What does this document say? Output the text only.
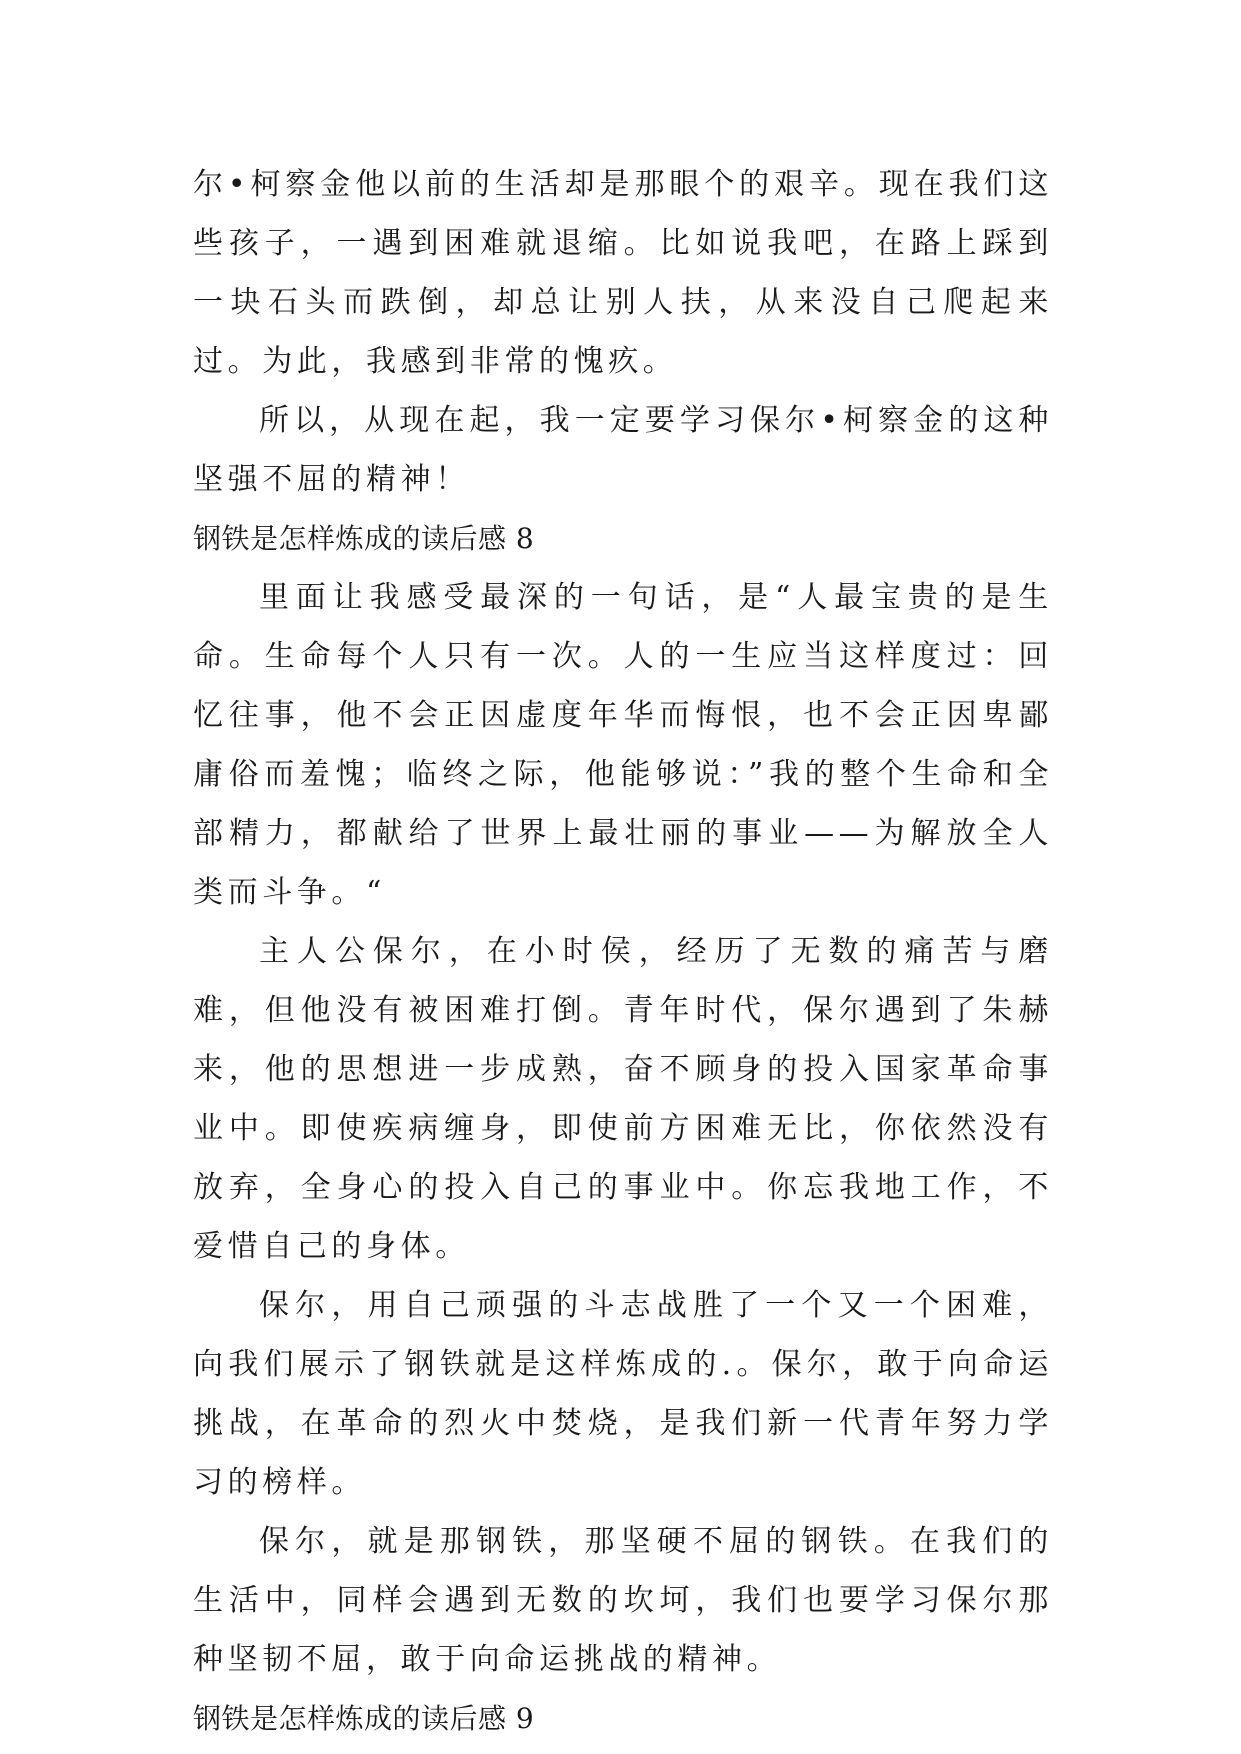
尔•柯察金他以前的生活却是那眼个的艰辛。现在我们这些孩子，一遇到困难就退缩。比如说我吧，在路上踩到一块石头而跌倒，却总让别人扶，从来没自己爬起来过。为此，我感到非常的愧疚。

所以，从现在起，我一定要学习保尔•柯察金的这种坚强不屈的精神！

钢铁是怎样炼成的读后感 8

里面让我感受最深的一句话，是“人最宝贵的是生命。生命每个人只有一次。人的一生应当这样度过：回忆往事，他不会正因虚度年华而悔恨，也不会正因卑鄙庸俗而羞愧；临终之际，他能够说：”我的整个生命和全部精力，都献给了世界上最壮丽的事业——为解放全人类而斗争。“

主人公保尔，在小时侯，经历了无数的痛苦与磨难，但他没有被困难打倒。青年时代，保尔遇到了朱赫来，他的思想进一步成熟，奋不顾身的投入国家革命事业中。即使疾病缠身，即使前方困难无比，你依然没有放弃，全身心的投入自己的事业中。你忘我地工作，不爱惜自己的身体。

保尔，用自己顽强的斗志战胜了一个又一个困难，向我们展示了钢铁就是这样炼成的.。保尔，敢于向命运挑战，在革命的烈火中焚烧，是我们新一代青年努力学习的榜样。

保尔，就是那钢铁，那坚硬不屈的钢铁。在我们的生活中，同样会遇到无数的坎坷，我们也要学习保尔那种坚韧不屈，敢于向命运挑战的精神。

钢铁是怎样炼成的读后感 9
